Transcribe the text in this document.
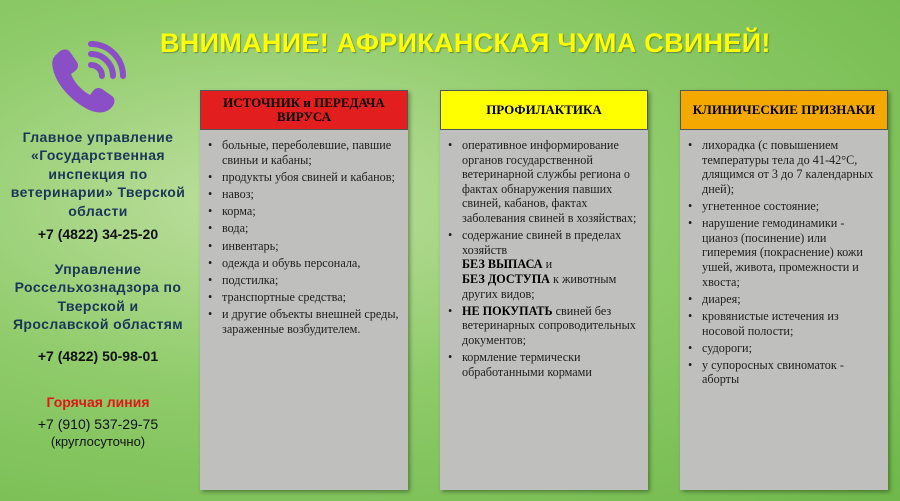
ВНИМАНИЕ! АФРИКАНСКАЯ ЧУМА СВИНЕЙ!
Главное управление «Государственная инспекция по ветеринарии» Тверской области
+7 (4822) 34-25-20
Управление Россельхознадзора по Тверской и Ярославской областям
+7 (4822) 50-98-01
Горячая линия
+7 (910) 537-29-75
(круглосуточно)
ИСТОЧНИК и ПЕРЕДАЧА ВИРУСА
• больные, переболевшие, павшие свиньи и кабаны;
• продукты убоя свиней и кабанов;
• навоз;
• корма;
• вода;
• инвентарь;
• одежда и обувь персонала,
• подстилка;
• транспортные средства;
• и другие объекты внешней среды, зараженные возбудителем.
ПРОФИЛАКТИКА
• оперативное информирование органов государственной ветеринарной службы региона о фактах обнаружения павших свиней, кабанов, фактах заболевания свиней в хозяйствах;
• содержание свиней в пределах хозяйств
БЕЗ ВЫПАСА и
БЕЗ ДОСТУПА к животным других видов;
• НЕ ПОКУПАТЬ свиней без ветеринарных сопроводительных документов;
• кормление термически обработанными кормами
КЛИНИЧЕСКИЕ ПРИЗНАКИ
• лихорадка (с повышением температуры тела до 41-42°С, длящимся от 3 до 7 календарных дней);
• угнетенное состояние;
• нарушение гемодинамики - цианоз (посинение) или гиперемия (покраснение) кожи ушей, живота, промежности и хвоста;
• диарея;
• кровянистые истечения из носовой полости;
• судороги;
• у супоросных свиноматок - аборты
